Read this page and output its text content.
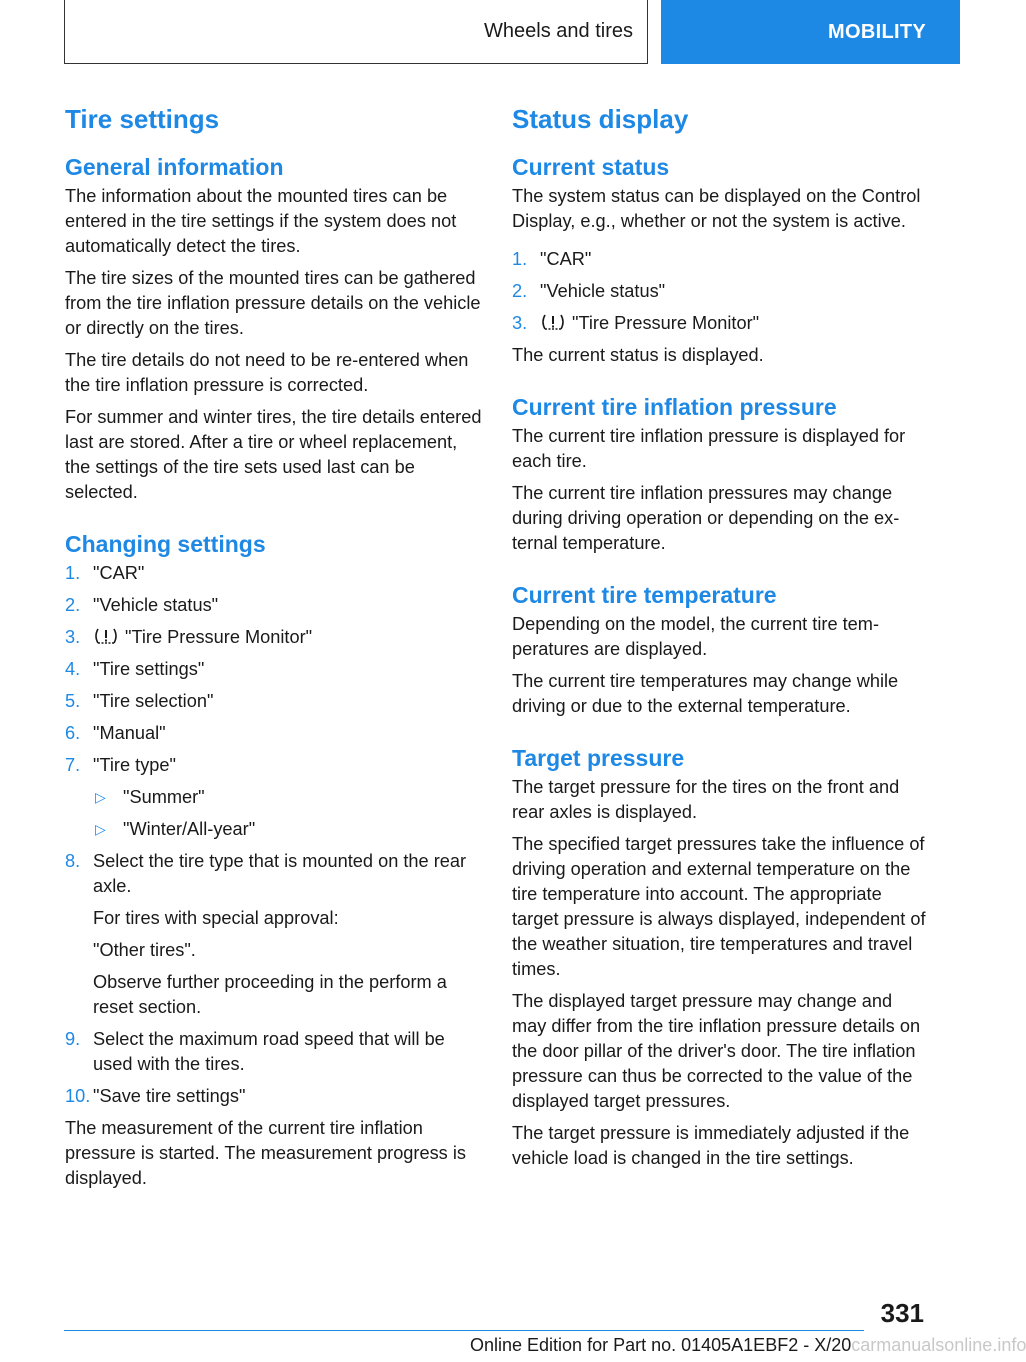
Wheels and tires	MOBILITY
Tire settings
General information

The information about the mounted tires can be entered in the tire settings if the system does not automatically detect the tires.

The tire sizes of the mounted tires can be gathered from the tire inflation pressure details on the vehicle or directly on the tires.

The tire details do not need to be re-entered when the tire inflation pressure is corrected.

For summer and winter tires, the tire details entered last are stored. After a tire or wheel replacement, the settings of the tire sets used last can be selected.

Changing settings
1. "CAR"
2. "Vehicle status"
3. "Tire Pressure Monitor"
4. "Tire settings"
5. "Tire selection"
6. "Manual"
7. "Tire type"
▷ "Summer"
▷ "Winter/All-year"
8. Select the tire type that is mounted on the rear axle.
For tires with special approval:
"Other tires".
Observe further proceeding in the perform a reset section.
9. Select the maximum road speed that will be used with the tires.
10. "Save tire settings"

The measurement of the current tire inflation pressure is started. The measurement progress is displayed.

Status display
Current status

The system status can be displayed on the Control Display, e.g., whether or not the system is active.

1. "CAR"
2. "Vehicle status"
3. "Tire Pressure Monitor"

The current status is displayed.

Current tire inflation pressure

The current tire inflation pressure is displayed for each tire.

The current tire inflation pressures may change during driving operation or depending on the external temperature.

Current tire temperature

Depending on the model, the current tire temperatures are displayed.

The current tire temperatures may change while driving or due to the external temperature.

Target pressure

The target pressure for the tires on the front and rear axles is displayed.

The specified target pressures take the influence of driving operation and external temperature on the tire temperature into account. The appropriate target pressure is always displayed, independent of the weather situation, tire temperatures and travel times.

The displayed target pressure may change and may differ from the tire inflation pressure details on the door pillar of the driver's door. The tire inflation pressure can thus be corrected to the value of the displayed target pressures.

The target pressure is immediately adjusted if the vehicle load is changed in the tire settings.

331
Online Edition for Part no. 01405A1EBF2 - X/20carmanualsonline.info
